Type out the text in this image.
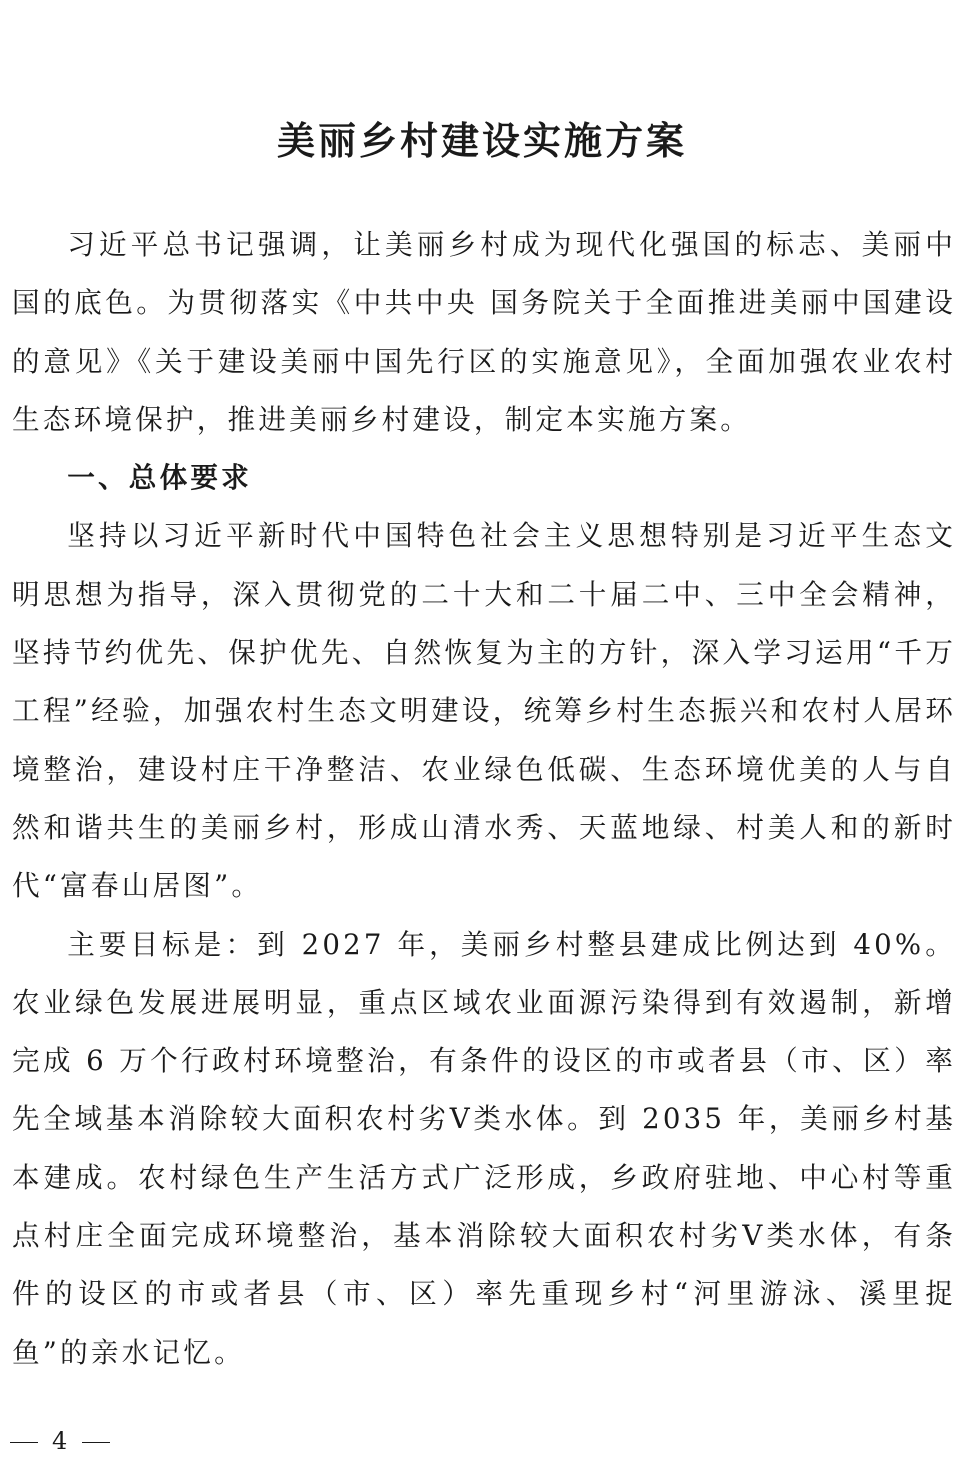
美丽乡村建设实施方案

习近平总书记强调，让美丽乡村成为现代化强国的标志、美丽中国的底色。为贯彻落实《中共中央 国务院关于全面推进美丽中国建设的意见》《关于建设美丽中国先行区的实施意见》，全面加强农业农村生态环境保护，推进美丽乡村建设，制定本实施方案。

一、总体要求

坚持以习近平新时代中国特色社会主义思想特别是习近平生态文明思想为指导，深入贯彻党的二十大和二十届二中、三中全会精神，坚持节约优先、保护优先、自然恢复为主的方针，深入学习运用“千万工程”经验，加强农村生态文明建设，统筹乡村生态振兴和农村人居环境整治，建设村庄干净整洁、农业绿色低碳、生态环境优美的人与自然和谐共生的美丽乡村，形成山清水秀、天蓝地绿、村美人和的新时代“富春山居图”。

主要目标是：到 2027 年，美丽乡村整县建成比例达到 40%。农业绿色发展进展明显，重点区域农业面源污染得到有效遏制，新增完成 6 万个行政村环境整治，有条件的设区的市或者县（市、区）率先全域基本消除较大面积农村劣Ⅴ类水体。到 2035 年，美丽乡村基本建成。农村绿色生产生活方式广泛形成，乡政府驻地、中心村等重点村庄全面完成环境整治，基本消除较大面积农村劣Ⅴ类水体，有条件的设区的市或者县（市、区）率先重现乡村“河里游泳、溪里捉鱼”的亲水记忆。

4
